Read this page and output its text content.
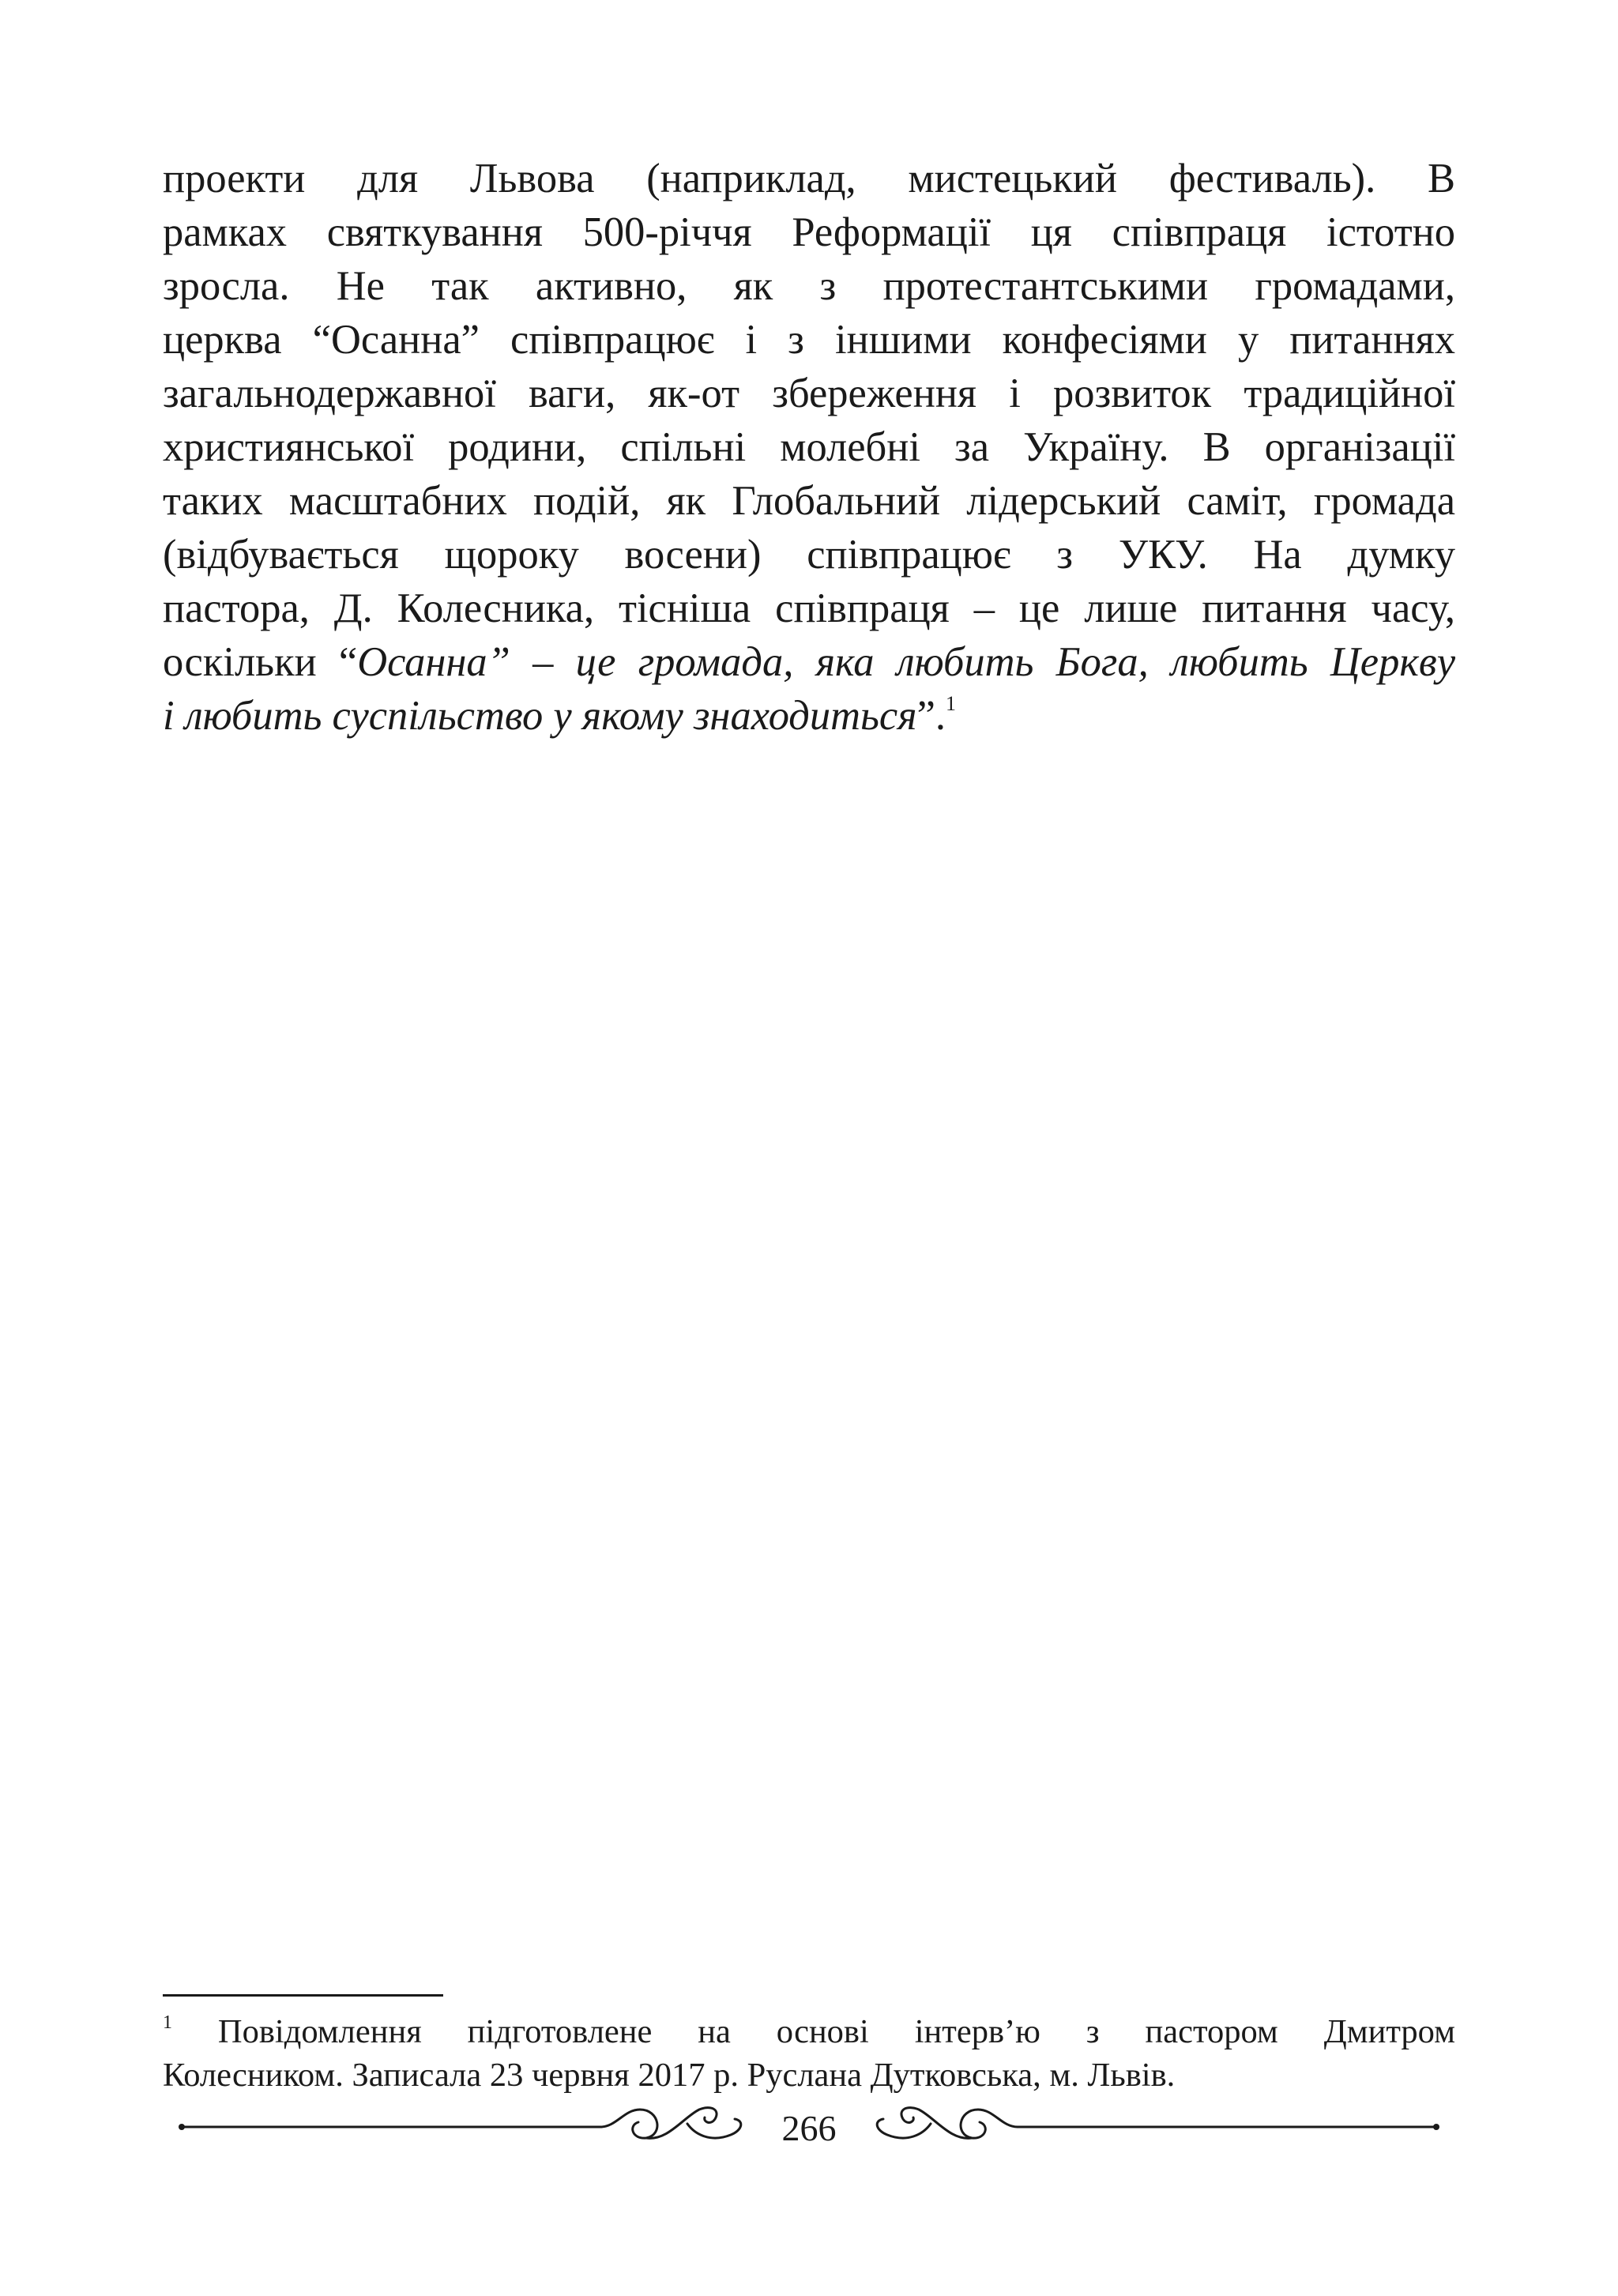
проекти для Львова (наприклад, мистецький фестиваль). В
рамках святкування 500-річчя Реформації ця співпраця істотно
зросла. Не так активно, як з протестантськими громадами,
церква “Осанна” співпрацює і з іншими конфесіями у питаннях
загальнодержавної ваги, як-от збереження і розвиток традиційної
християнської родини, спільні молебні за Україну. В організації
таких масштабних подій, як Глобальний лідерський саміт, громада
(відбувається щороку восени) співпрацює з УКУ. На думку
пастора, Д. Колесника, тісніша співпраця – це лише питання часу,
оскільки “Осанна” – це громада, яка любить Бога, любить Церкву
і любить суспільство у якому знаходиться”.$^1$
$^1$ Повідомлення підготовлене на основі інтерв’ю з пастором Дмитром
Колесником. Записала 23 червня 2017 р. Руслана Дутковська, м. Львів.
266
